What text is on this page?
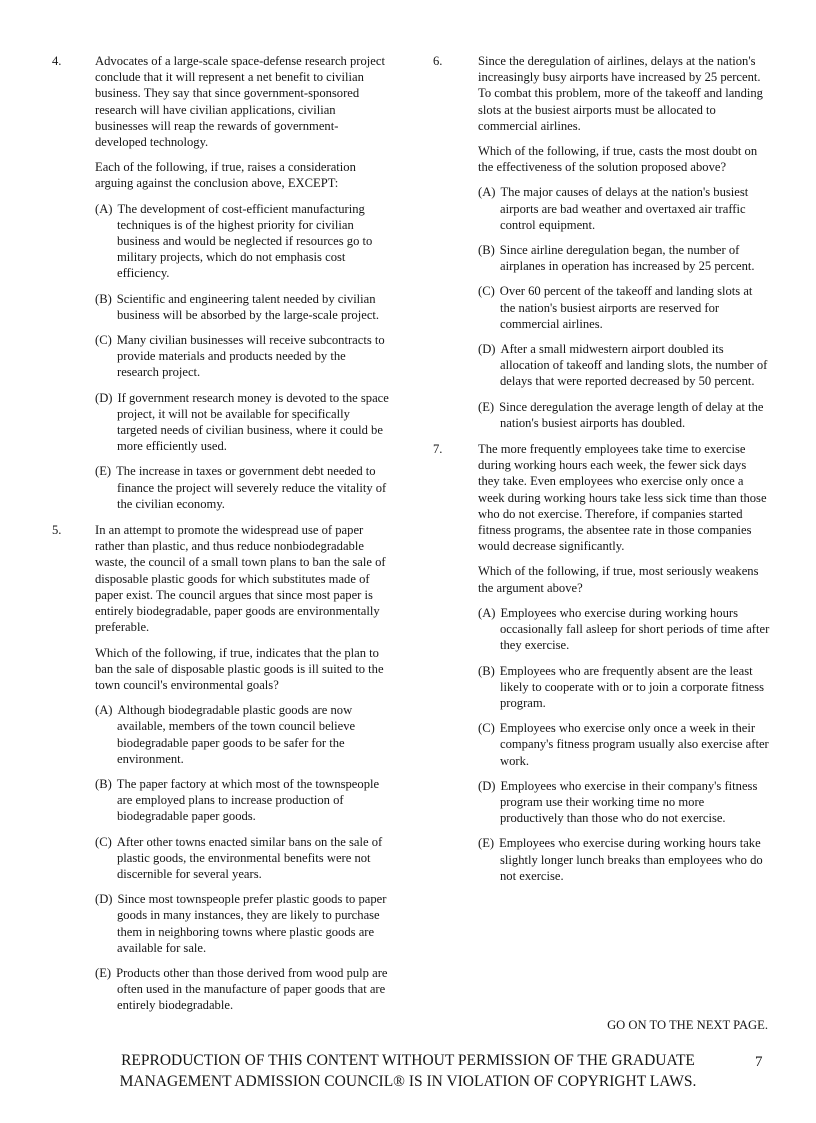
4.	Advocates of a large-scale space-defense research project conclude that it will represent a net benefit to civilian business. They say that since government-sponsored research will have civilian applications, civilian businesses will reap the rewards of government-developed technology.

Each of the following, if true, raises a consideration arguing against the conclusion above, EXCEPT:

(A) The development of cost-efficient manufacturing techniques is of the highest priority for civilian business and would be neglected if resources go to military projects, which do not emphasis cost efficiency.
(B) Scientific and engineering talent needed by civilian business will be absorbed by the large-scale project.
(C) Many civilian businesses will receive subcontracts to provide materials and products needed by the research project.
(D) If government research money is devoted to the space project, it will not be available for specifically targeted needs of civilian business, where it could be more efficiently used.
(E) The increase in taxes or government debt needed to finance the project will severely reduce the vitality of the civilian economy.
5.	In an attempt to promote the widespread use of paper rather than plastic, and thus reduce nonbiodegradable waste, the council of a small town plans to ban the sale of disposable plastic goods for which substitutes made of paper exist. The council argues that since most paper is entirely biodegradable, paper goods are environmentally preferable.

Which of the following, if true, indicates that the plan to ban the sale of disposable plastic goods is ill suited to the town council's environmental goals?

(A) Although biodegradable plastic goods are now available, members of the town council believe biodegradable paper goods to be safer for the environment.
(B) The paper factory at which most of the townspeople are employed plans to increase production of biodegradable paper goods.
(C) After other towns enacted similar bans on the sale of plastic goods, the environmental benefits were not discernible for several years.
(D) Since most townspeople prefer plastic goods to paper goods in many instances, they are likely to purchase them in neighboring towns where plastic goods are available for sale.
(E) Products other than those derived from wood pulp are often used in the manufacture of paper goods that are entirely biodegradable.
6.	Since the deregulation of airlines, delays at the nation's increasingly busy airports have increased by 25 percent. To combat this problem, more of the takeoff and landing slots at the busiest airports must be allocated to commercial airlines.

Which of the following, if true, casts the most doubt on the effectiveness of the solution proposed above?

(A) The major causes of delays at the nation's busiest airports are bad weather and overtaxed air traffic control equipment.
(B) Since airline deregulation began, the number of airplanes in operation has increased by 25 percent.
(C) Over 60 percent of the takeoff and landing slots at the nation's busiest airports are reserved for commercial airlines.
(D) After a small midwestern airport doubled its allocation of takeoff and landing slots, the number of delays that were reported decreased by 50 percent.
(E) Since deregulation the average length of delay at the nation's busiest airports has doubled.
7.	The more frequently employees take time to exercise during working hours each week, the fewer sick days they take. Even employees who exercise only once a week during working hours take less sick time than those who do not exercise. Therefore, if companies started fitness programs, the absentee rate in those companies would decrease significantly.

Which of the following, if true, most seriously weakens the argument above?

(A) Employees who exercise during working hours occasionally fall asleep for short periods of time after they exercise.
(B) Employees who are frequently absent are the least likely to cooperate with or to join a corporate fitness program.
(C) Employees who exercise only once a week in their company's fitness program usually also exercise after work.
(D) Employees who exercise in their company's fitness program use their working time no more productively than those who do not exercise.
(E) Employees who exercise during working hours take slightly longer lunch breaks than employees who do not exercise.
GO ON TO THE NEXT PAGE.
REPRODUCTION OF THIS CONTENT WITHOUT PERMISSION OF THE GRADUATE
MANAGEMENT ADMISSION COUNCIL® IS IN VIOLATION OF COPYRIGHT LAWS.
7
